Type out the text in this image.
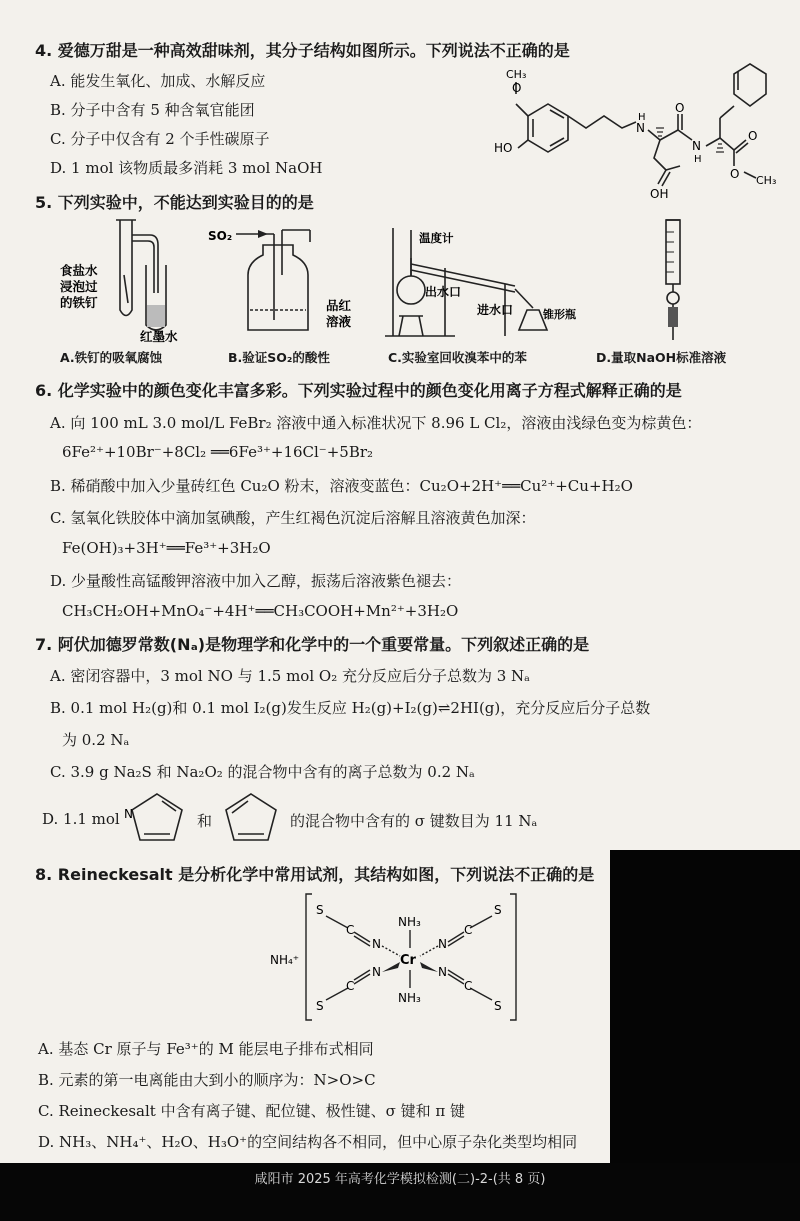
4. 爱德万甜是一种高效甜味剂，其分子结构如图所示。下列说法不正确的是
A. 能发生氧化、加成、水解反应
B. 分子中含有 5 种含氧官能团
C. 分子中仅含有 2 个手性碳原子
D. 1 mol 该物质最多消耗 3 mol NaOH
O
CH₃
HO
N
H
N
H
O
O
OH
O CH₃
5. 下列实验中，不能达到实验目的的是
食盐水
浸泡过
的铁钉
红墨水
A.铁钉的吸氧腐蚀
SO₂
品红
溶液
B.验证SO₂的酸性
温度计
出水口
进水口	锥形瓶
C.实验室回收溴苯中的苯	D.量取NaOH标准溶液
6. 化学实验中的颜色变化丰富多彩。下列实验过程中的颜色变化用离子方程式解释正确的是
A. 向 100 mL 3.0 mol/L FeBr₂ 溶液中通入标准状况下 8.96 L Cl₂，溶液由浅绿色变为棕黄色：
6Fe²⁺+10Br⁻+8Cl₂ ══6Fe³⁺+16Cl⁻+5Br₂
B. 稀硝酸中加入少量砖红色 Cu₂O 粉末，溶液变蓝色：Cu₂O+2H⁺══Cu²⁺+Cu+H₂O
C. 氢氧化铁胶体中滴加氢碘酸，产生红褐色沉淀后溶解且溶液黄色加深：
Fe(OH)₃+3H⁺══Fe³⁺+3H₂O
D. 少量酸性高锰酸钾溶液中加入乙醇，振荡后溶液紫色褪去：
CH₃CH₂OH+MnO₄⁻+4H⁺══CH₃COOH+Mn²⁺+3H₂O
7. 阿伏加德罗常数(Nₐ)是物理学和化学中的一个重要常量。下列叙述正确的是
A. 密闭容器中，3 mol NO 与 1.5 mol O₂ 充分反应后分子总数为 3 Nₐ
B. 0.1 mol H₂(g)和 0.1 mol I₂(g)发生反应 H₂(g)+I₂(g)⇌2HI(g)，充分反应后分子总数
为 0.2 Nₐ
C. 3.9 g Na₂S 和 Na₂O₂ 的混合物中含有的离子总数为 0.2 Nₐ
D. 1.1 mol N	和	的混合物中含有的 σ 键数目为 11 Nₐ
8. Reineckesalt 是分析化学中常用试剂，其结构如图，下列说法不正确的是
NH₄⁺
NH₃
NH₃
Cr
S
C
N
S
C
N
S
C
N
S
C
N
A. 基态 Cr 原子与 Fe³⁺的 M 能层电子排布式相同
B. 元素的第一电离能由大到小的顺序为：N>O>C
C. Reineckesalt 中含有离子键、配位键、极性键、σ 键和 π 键
D. NH₃、NH₄⁺、H₂O、H₃O⁺的空间结构各不相同，但中心原子杂化类型均相同
咸阳市 2025 年高考化学模拟检测(二)-2-(共 8 页)
